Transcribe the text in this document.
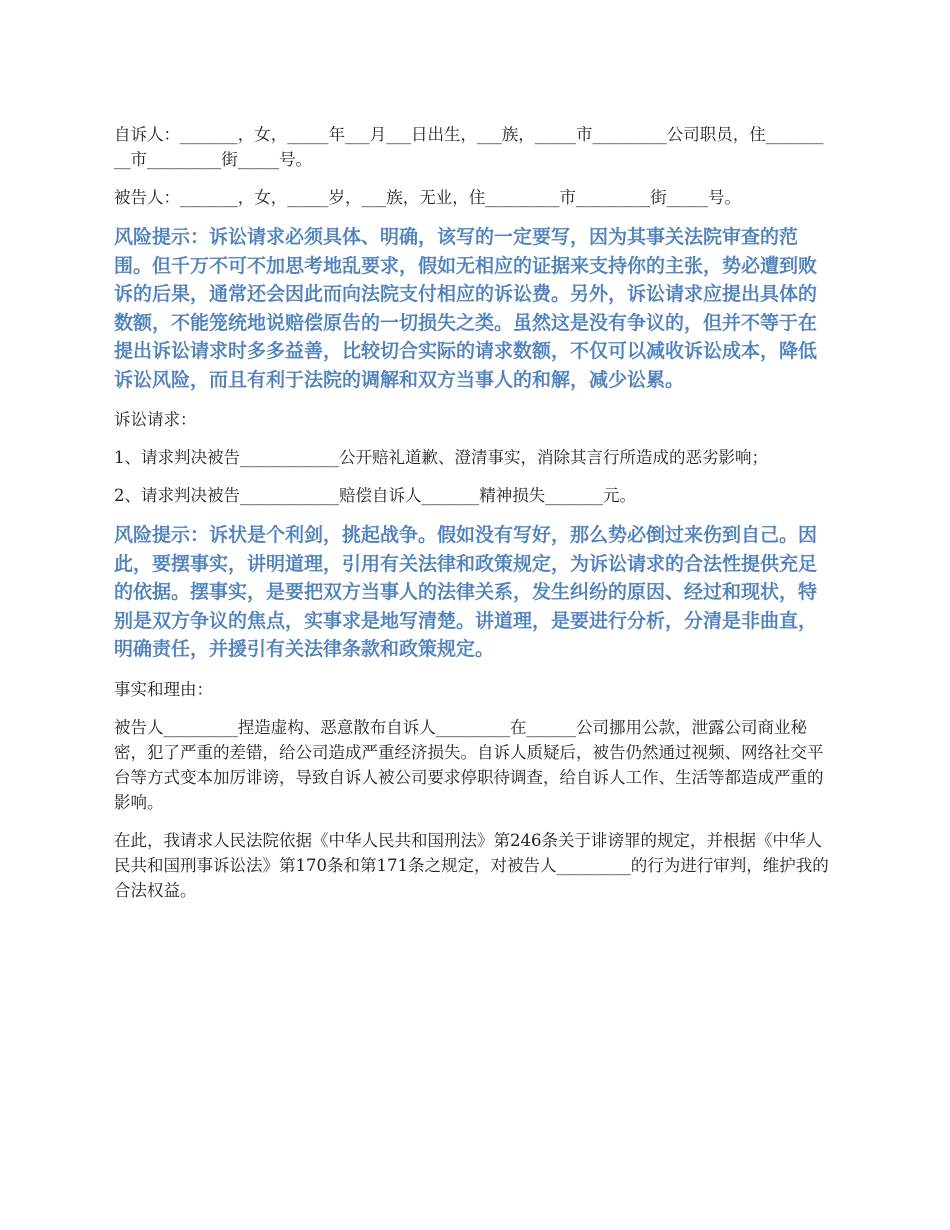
自诉人：_______，女，_____年___月___日出生，___族，_____市_________公司职员，住_________市_________街_____号。

被告人：_______，女，_____岁，___族，无业，住_________市_________街_____号。

风险提示：诉讼请求必须具体、明确，该写的一定要写，因为其事关法院审查的范围。但千万不可不加思考地乱要求，假如无相应的证据来支持你的主张，势必遭到败诉的后果，通常还会因此而向法院支付相应的诉讼费。另外，诉讼请求应提出具体的数额，不能笼统地说赔偿原告的一切损失之类。虽然这是没有争议的，但并不等于在提出诉讼请求时多多益善，比较切合实际的请求数额，不仅可以减收诉讼成本，降低诉讼风险，而且有利于法院的调解和双方当事人的和解，减少讼累。

诉讼请求：

1、请求判决被告____________公开赔礼道歉、澄清事实，消除其言行所造成的恶劣影响；

2、请求判决被告____________赔偿自诉人_______精神损失_______元。

风险提示：诉状是个利剑，挑起战争。假如没有写好，那么势必倒过来伤到自己。因此，要摆事实，讲明道理，引用有关法律和政策规定，为诉讼请求的合法性提供充足的依据。摆事实，是要把双方当事人的法律关系，发生纠纷的原因、经过和现状，特别是双方争议的焦点，实事求是地写清楚。讲道理，是要进行分析，分清是非曲直，明确责任，并援引有关法律条款和政策规定。

事实和理由：

被告人_________捏造虚构、恶意散布自诉人_________在______公司挪用公款，泄露公司商业秘密，犯了严重的差错，给公司造成严重经济损失。自诉人质疑后，被告仍然通过视频、网络社交平台等方式变本加厉诽谤，导致自诉人被公司要求停职待调查，给自诉人工作、生活等都造成严重的影响。

在此，我请求人民法院依据《中华人民共和国刑法》第246条关于诽谤罪的规定，并根据《中华人民共和国刑事诉讼法》第170条和第171条之规定，对被告人_________的行为进行审判，维护我的合法权益。
